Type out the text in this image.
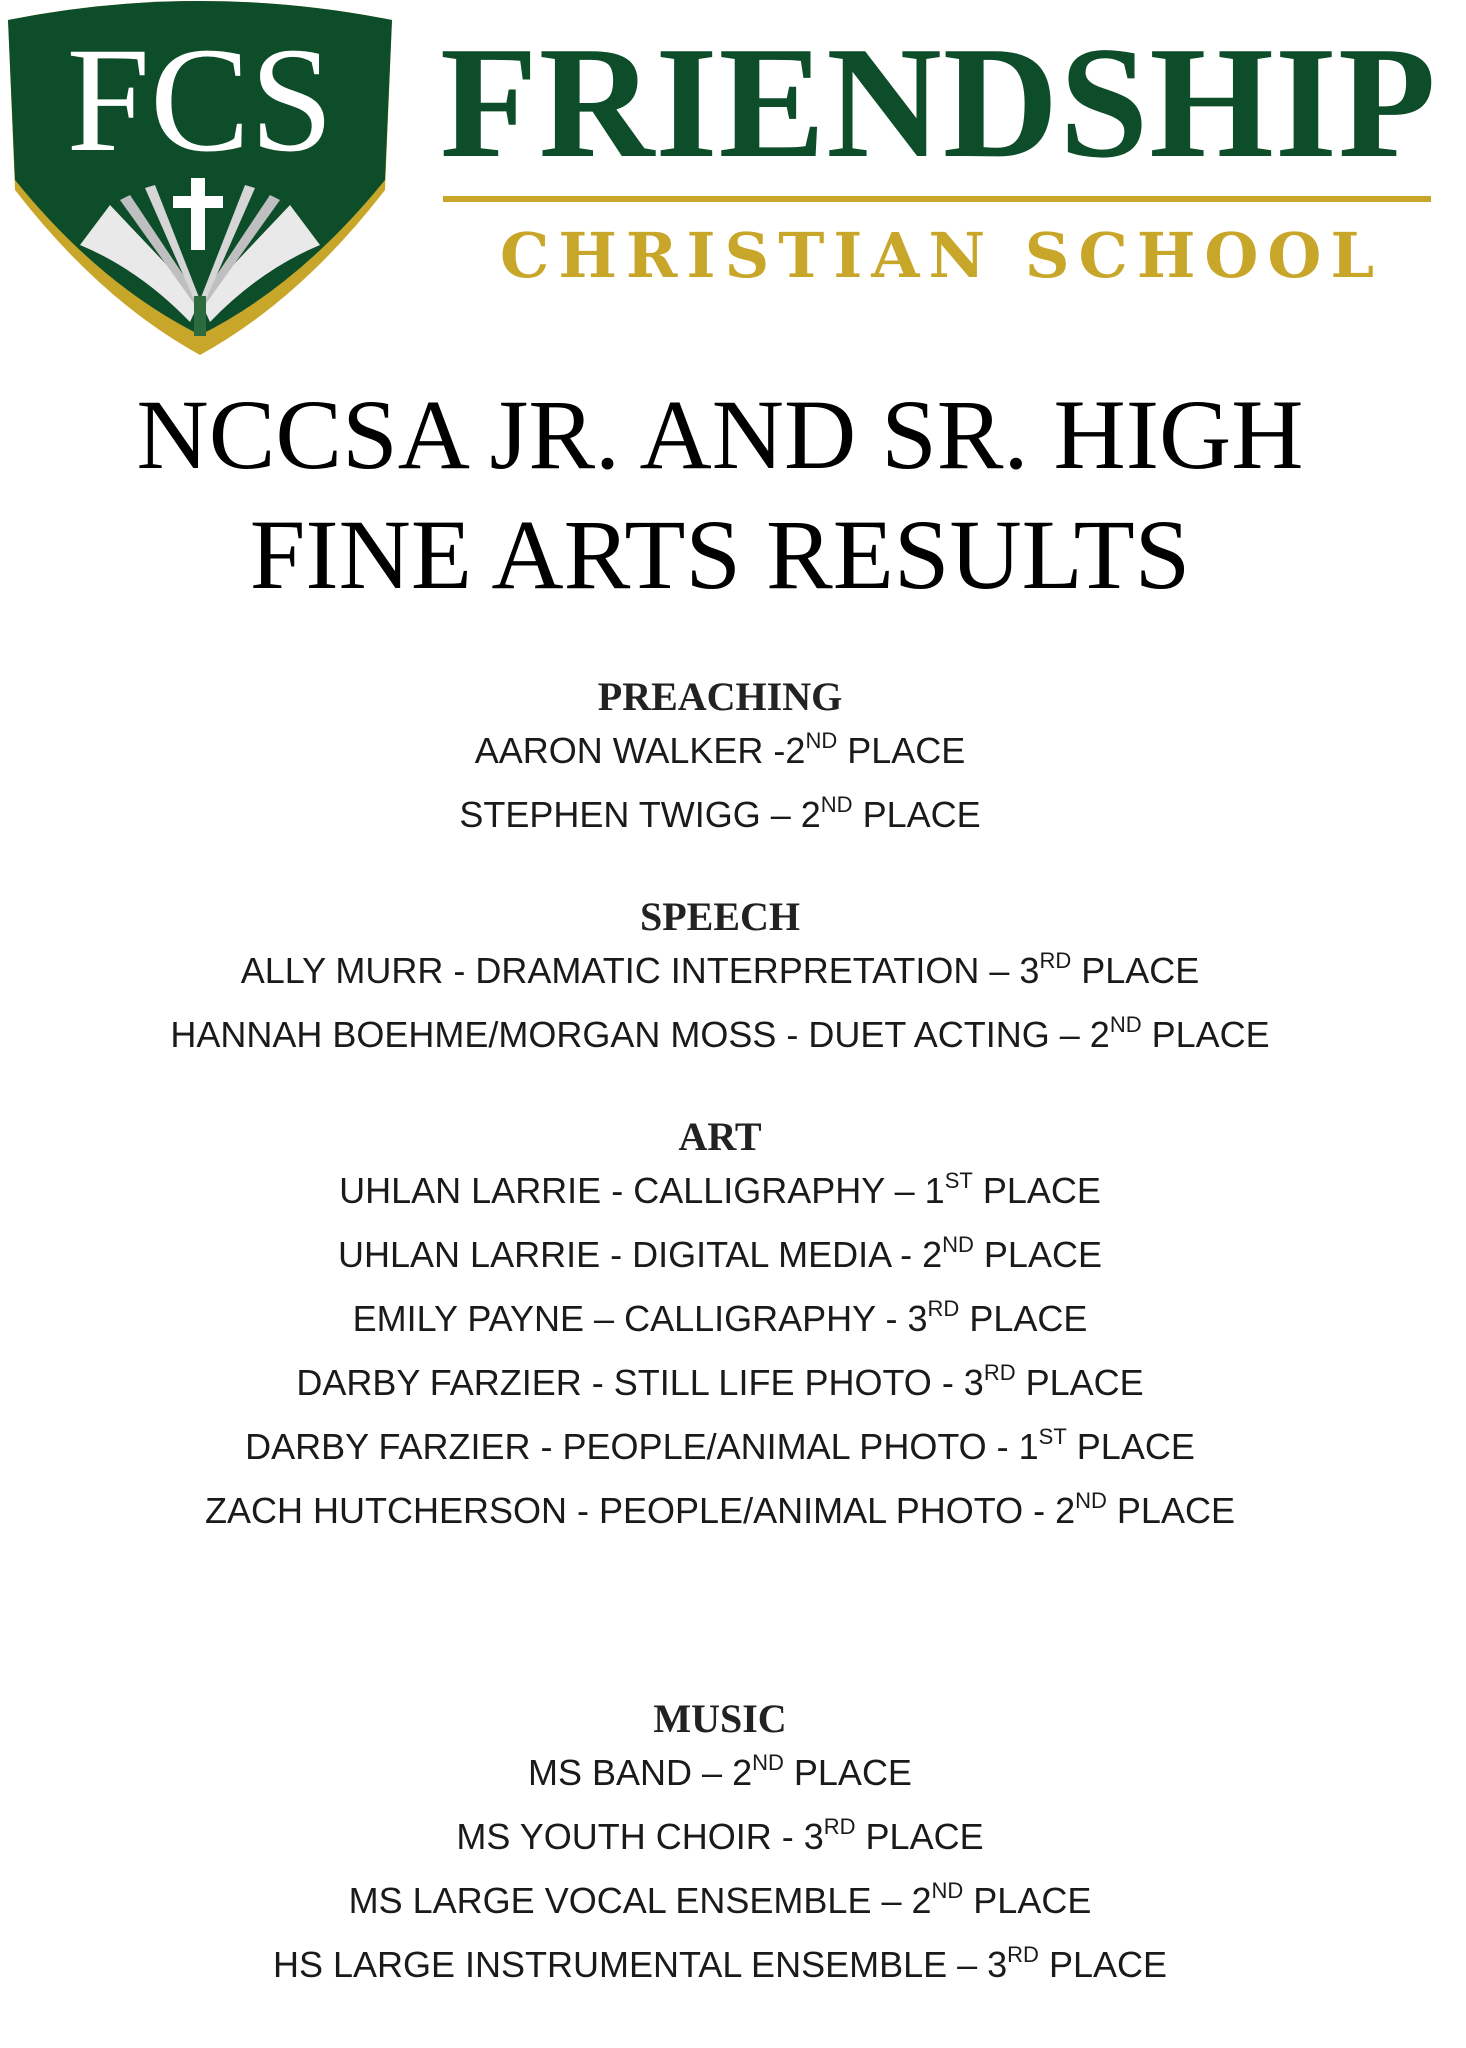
FCS FRIENDSHIP
CHRISTIAN SCHOOL
NCCSA JR. AND SR. HIGH
FINE ARTS RESULTS
PREACHING
AARON WALKER -2ND PLACE
STEPHEN TWIGG – 2ND PLACE
SPEECH
ALLY MURR - DRAMATIC INTERPRETATION – 3RD PLACE
HANNAH BOEHME/MORGAN MOSS - DUET ACTING – 2ND PLACE
ART
UHLAN LARRIE - CALLIGRAPHY – 1ST PLACE
UHLAN LARRIE - DIGITAL MEDIA - 2ND PLACE
EMILY PAYNE – CALLIGRAPHY - 3RD PLACE
DARBY FARZIER - STILL LIFE PHOTO - 3RD PLACE
DARBY FARZIER - PEOPLE/ANIMAL PHOTO - 1ST PLACE
ZACH HUTCHERSON - PEOPLE/ANIMAL PHOTO - 2ND PLACE
MUSIC
MS BAND – 2ND PLACE
MS YOUTH CHOIR - 3RD PLACE
MS LARGE VOCAL ENSEMBLE – 2ND PLACE
HS LARGE INSTRUMENTAL ENSEMBLE – 3RD PLACE
